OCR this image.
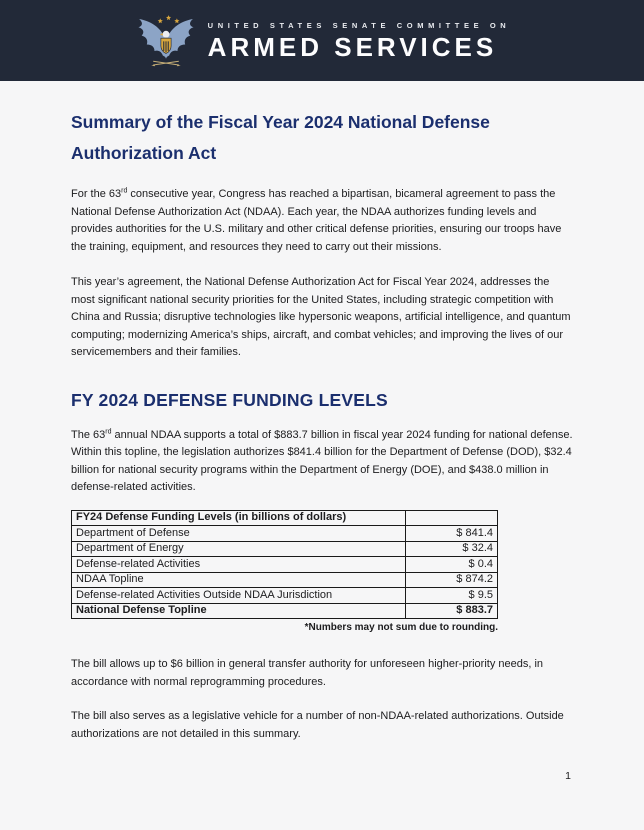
UNITED STATES SENATE COMMITTEE ON
ARMED SERVICES
Summary of the Fiscal Year 2024 National Defense Authorization Act

For the 63rd consecutive year, Congress has reached a bipartisan, bicameral agreement to pass the National Defense Authorization Act (NDAA). Each year, the NDAA authorizes funding levels and provides authorities for the U.S. military and other critical defense priorities, ensuring our troops have the training, equipment, and resources they need to carry out their missions.

This year’s agreement, the National Defense Authorization Act for Fiscal Year 2024, addresses the most significant national security priorities for the United States, including strategic competition with China and Russia; disruptive technologies like hypersonic weapons, artificial intelligence, and quantum computing; modernizing America’s ships, aircraft, and combat vehicles; and improving the lives of our servicemembers and their families.

FY 2024 DEFENSE FUNDING LEVELS

The 63rd annual NDAA supports a total of $883.7 billion in fiscal year 2024 funding for national defense. Within this topline, the legislation authorizes $841.4 billion for the Department of Defense (DOD), $32.4 billion for national security programs within the Department of Energy (DOE), and $438.0 million in defense-related activities.

FY24 Defense Funding Levels (in billions of dollars)	
Department of Defense	$ 841.4
Department of Energy	$ 32.4
Defense-related Activities	$ 0.4
NDAA Topline	$ 874.2
Defense-related Activities Outside NDAA Jurisdiction	$ 9.5
National Defense Topline	$ 883.7
*Numbers may not sum due to rounding.

The bill allows up to $6 billion in general transfer authority for unforeseen higher-priority needs, in accordance with normal reprogramming procedures.

The bill also serves as a legislative vehicle for a number of non-NDAA-related authorizations. Outside authorizations are not detailed in this summary.

1
